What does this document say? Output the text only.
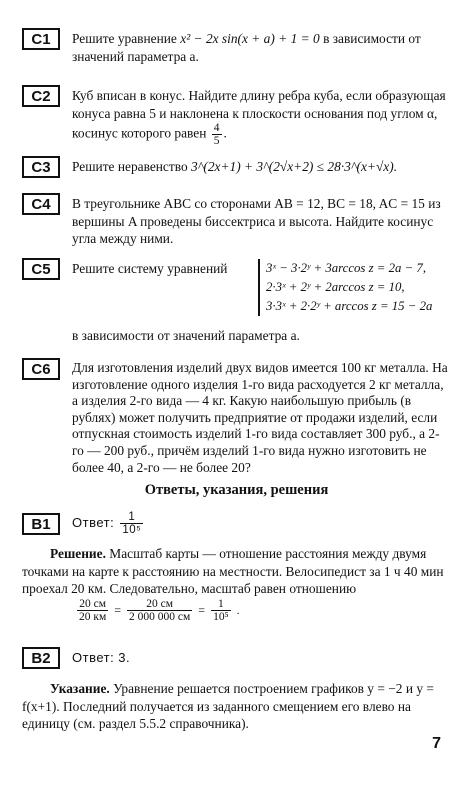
С1	Решите уравнение x² − 2x sin(x + a) + 1 = 0 в зависимости от значений параметра a.
С2	Куб вписан в конус. Найдите длину ребра куба, если образующая конуса равна 5 и наклонена к плоскости основания под углом α, косинус которого равен $\frac{4}{5}$ .
С3	Решите неравенство 3^(2x+1) + 3^(2√x+2) ≤ 28·3^(x+√x).
С4	В треугольнике ABC со сторонами AB = 12, BC = 18, AC = 15 из вершины A проведены биссектриса и высота. Найдите косинус угла между ними.
С5	Решите систему уравнений	3ˣ − 3·2ʸ + 3arccos z = 2a − 7,
2·3ˣ + 2ʸ + 2arccos z = 10,
3·3ˣ + 2·2ʸ + arccos z = 15 − 2a
в зависимости от значений параметра a.
С6	Для изготовления изделий двух видов имеется 100 кг металла. На изготовление одного изделия 1-го вида расходуется 2 кг металла, а изделия 2-го вида — 4 кг. Какую наибольшую прибыль (в рублях) может получить предприятие от продажи изделий, если отпускная стоимость изделий 1-го вида составляет 300 руб., а 2-го — 200 руб., причём изделий 1-го вида нужно изготовить не более 40, а 2-го — не более 20?
Ответы, указания, решения
В1	Ответ: $\frac{1}{\text{10⁵}}$
Решение. Масштаб карты — отношение расстояния между двумя точками на карте к расстоянию на местности. Велосипедист за 1 ч 40 мин проехал 20 км. Следовательно, масштаб равен отношению
$\frac{20 см}{20 км} = \frac{20 см}{2 000 000 см} = \frac{1}{\text{10⁵}}$ .
В2	Ответ: 3.
Указание. Уравнение решается построением графиков y = −2 и y = f(x+1). Последний получается из заданного смещением его влево на единицу (см. раздел 5.5.2 справочника).
7
